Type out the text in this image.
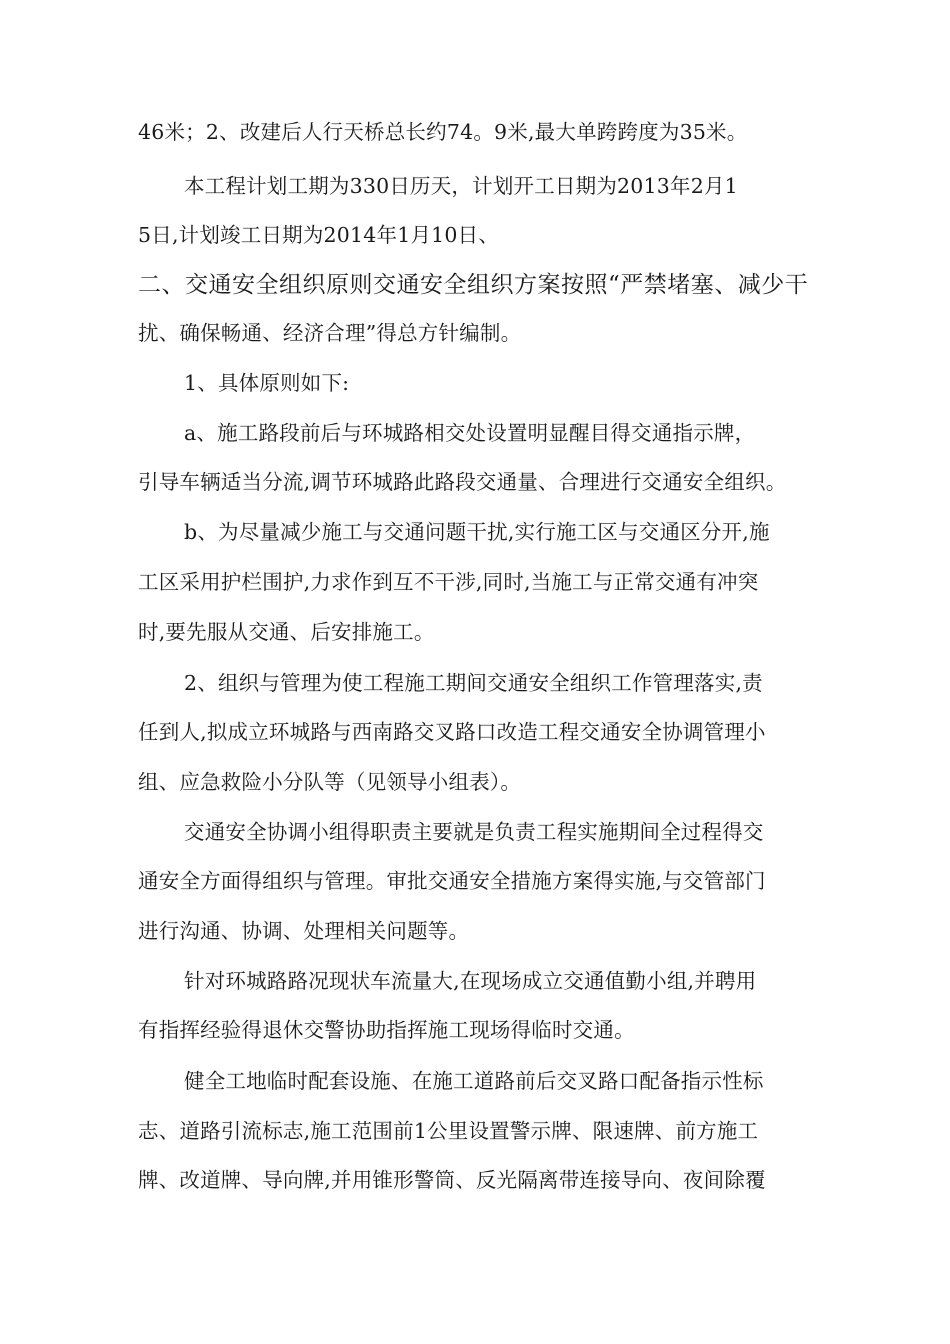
46米；2、改建后人行天桥总长约74。9米,最大单跨跨度为35米。
本工程计划工期为330日历天，计划开工日期为2013年2月1
5日,计划竣工日期为2014年1月10日、
二、交通安全组织原则交通安全组织方案按照“严禁堵塞、减少干
扰、确保畅通、经济合理”得总方针编制。
1、具体原则如下:
a、施工路段前后与环城路相交处设置明显醒目得交通指示牌，
引导车辆适当分流,调节环城路此路段交通量、合理进行交通安全组织。
b、为尽量减少施工与交通问题干扰,实行施工区与交通区分开,施
工区采用护栏围护,力求作到互不干涉,同时,当施工与正常交通有冲突
时,要先服从交通、后安排施工。
2、组织与管理为使工程施工期间交通安全组织工作管理落实,责
任到人,拟成立环城路与西南路交叉路口改造工程交通安全协调管理小
组、应急救险小分队等（见领导小组表）。
交通安全协调小组得职责主要就是负责工程实施期间全过程得交
通安全方面得组织与管理。审批交通安全措施方案得实施,与交管部门
进行沟通、协调、处理相关问题等。
针对环城路路况现状车流量大,在现场成立交通值勤小组,并聘用
有指挥经验得退休交警协助指挥施工现场得临时交通。
健全工地临时配套设施、在施工道路前后交叉路口配备指示性标
志、道路引流标志,施工范围前1公里设置警示牌、限速牌、前方施工
牌、改道牌、导向牌,并用锥形警筒、反光隔离带连接导向、夜间除覆
